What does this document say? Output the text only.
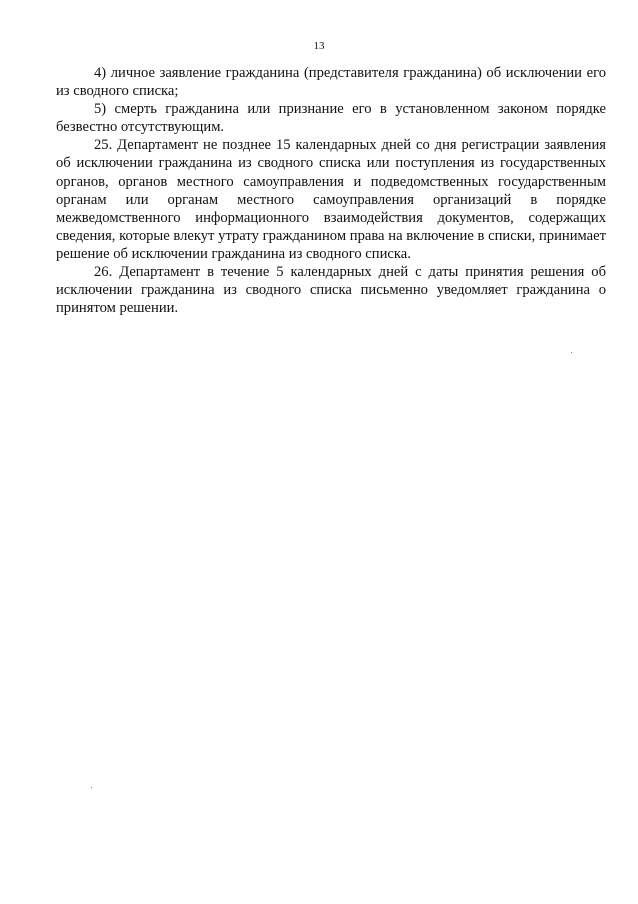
13

4) личное заявление гражданина (представителя гражданина) об исключении его из сводного списка;

5) смерть гражданина или признание его в установленном законом порядке безвестно отсутствующим.

25. Департамент не позднее 15 календарных дней со дня регистрации заявления об исключении гражданина из сводного списка или поступления из государственных органов, органов местного самоуправления и подведомственных государственным органам или органам местного самоуправления организаций в порядке межведомственного информационного взаимодействия документов, содержащих сведения, которые влекут утрату гражданином права на включение в списки, принимает решение об исключении гражданина из сводного списка.

26. Департамент в течение 5 календарных дней с даты принятия решения об исключении гражданина из сводного списка письменно уведомляет гражданина о принятом решении.
